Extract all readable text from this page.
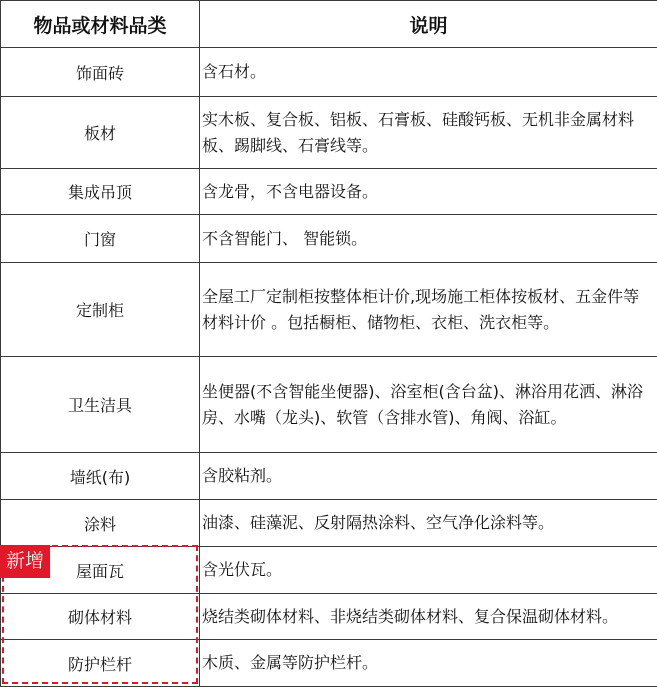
物品或材料品类	说明
饰面砖	含石材。
板材	实木板、复合板、铝板、石膏板、硅酸钙板、无机非金属材料板、踢脚线、石膏线等。
集成吊顶	含龙骨，不含电器设备。
门窗	不含智能门、 智能锁。
定制柜	全屋工厂定制柜按整体柜计价,现场施工柜体按板材、五金件等材料计价 。包括橱柜、储物柜、衣柜、洗衣柜等。
卫生洁具	坐便器(不含智能坐便器)、浴室柜(含台盆)、淋浴用花洒、淋浴房、水嘴（龙头)、软管（含排水管)、角阀、浴缸。
墙纸(布)	含胶粘剂。
涂料	油漆、硅藻泥、反射隔热涂料、空气净化涂料等。
屋面瓦	含光伏瓦。
砌体材料	烧结类砌体材料、非烧结类砌体材料、复合保温砌体材料。
防护栏杆	木质、金属等防护栏杆。
新增
